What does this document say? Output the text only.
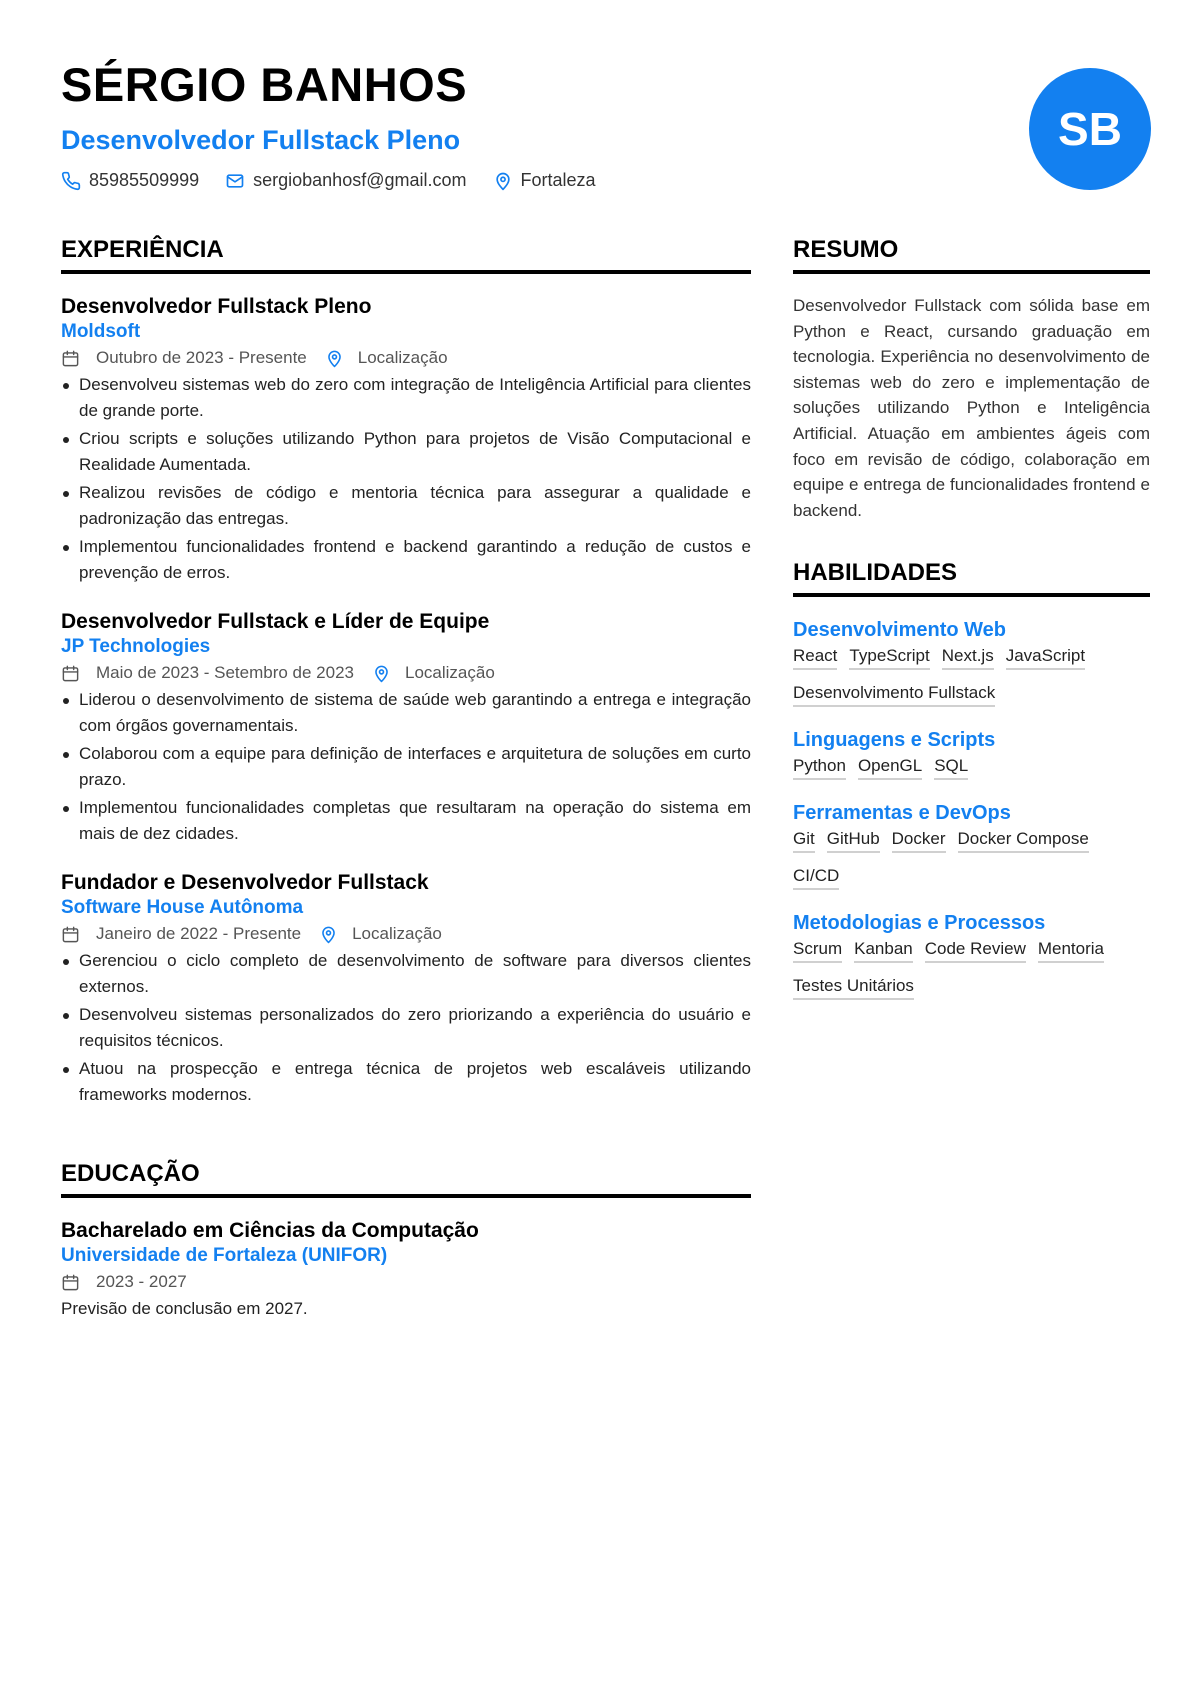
SÉRGIO BANHOS
Desenvolvedor Fullstack Pleno
85985509999	sergiobanhosf@gmail.com	Fortaleza
SB
EXPERIÊNCIA
Desenvolvedor Fullstack Pleno
Moldsoft
Outubro de 2023 - Presente	Localização
Desenvolveu sistemas web do zero com integração de Inteligência Artificial para clientes de grande porte.
Criou scripts e soluções utilizando Python para projetos de Visão Computacional e Realidade Aumentada.
Realizou revisões de código e mentoria técnica para assegurar a qualidade e padronização das entregas.
Implementou funcionalidades frontend e backend garantindo a redução de custos e prevenção de erros.
Desenvolvedor Fullstack e Líder de Equipe
JP Technologies
Maio de 2023 - Setembro de 2023	Localização
Liderou o desenvolvimento de sistema de saúde web garantindo a entrega e integração com órgãos governamentais.
Colaborou com a equipe para definição de interfaces e arquitetura de soluções em curto prazo.
Implementou funcionalidades completas que resultaram na operação do sistema em mais de dez cidades.
Fundador e Desenvolvedor Fullstack
Software House Autônoma
Janeiro de 2022 - Presente	Localização
Gerenciou o ciclo completo de desenvolvimento de software para diversos clientes externos.
Desenvolveu sistemas personalizados do zero priorizando a experiência do usuário e requisitos técnicos.
Atuou na prospecção e entrega técnica de projetos web escaláveis utilizando frameworks modernos.
EDUCAÇÃO
Bacharelado em Ciências da Computação
Universidade de Fortaleza (UNIFOR)
2023 - 2027
Previsão de conclusão em 2027.
RESUMO
Desenvolvedor Fullstack com sólida base em Python e React, cursando graduação em tecnologia. Experiência no desenvolvimento de sistemas web do zero e implementação de soluções utilizando Python e Inteligência Artificial. Atuação em ambientes ágeis com foco em revisão de código, colaboração em equipe e entrega de funcionalidades frontend e backend.
HABILIDADES
Desenvolvimento Web
React TypeScript Next.js JavaScript
Desenvolvimento Fullstack
Linguagens e Scripts
Python OpenGL SQL
Ferramentas e DevOps
Git GitHub Docker Docker Compose
CI/CD
Metodologias e Processos
Scrum Kanban Code Review Mentoria
Testes Unitários
